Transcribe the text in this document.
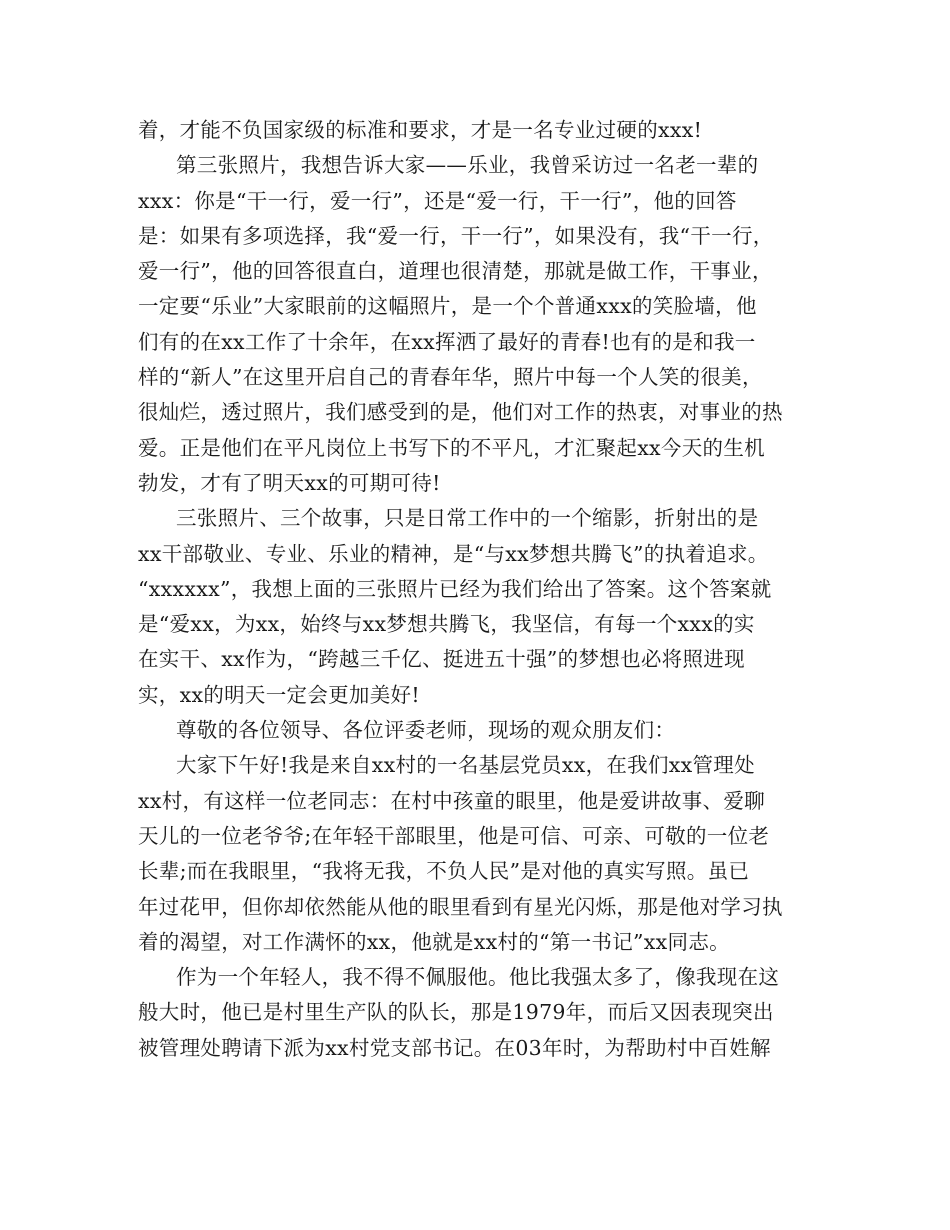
着，才能不负国家级的标准和要求，才是一名专业过硬的xxx!
第三张照片，我想告诉大家——乐业，我曾采访过一名老一辈的
xxx：你是“干一行，爱一行”，还是“爱一行，干一行”，他的回答
是：如果有多项选择，我“爱一行，干一行”，如果没有，我“干一行，
爱一行”，他的回答很直白，道理也很清楚，那就是做工作，干事业，
一定要“乐业”大家眼前的这幅照片，是一个个普通xxx的笑脸墙，他
们有的在xx工作了十余年，在xx挥洒了最好的青春!也有的是和我一
样的“新人”在这里开启自己的青春年华，照片中每一个人笑的很美，
很灿烂，透过照片，我们感受到的是，他们对工作的热衷，对事业的热
爱。正是他们在平凡岗位上书写下的不平凡，才汇聚起xx今天的生机
勃发，才有了明天xx的可期可待!
三张照片、三个故事，只是日常工作中的一个缩影，折射出的是
xx干部敬业、专业、乐业的精神，是“与xx梦想共腾飞”的执着追求。
“xxxxxx”，我想上面的三张照片已经为我们给出了答案。这个答案就
是“爱xx，为xx，始终与xx梦想共腾飞，我坚信，有每一个xxx的实
在实干、xx作为，“跨越三千亿、挺进五十强”的梦想也必将照进现
实，xx的明天一定会更加美好!
尊敬的各位领导、各位评委老师，现场的观众朋友们：
大家下午好!我是来自xx村的一名基层党员xx，在我们xx管理处
xx村，有这样一位老同志：在村中孩童的眼里，他是爱讲故事、爱聊
天儿的一位老爷爷;在年轻干部眼里，他是可信、可亲、可敬的一位老
长辈;而在我眼里，“我将无我，不负人民”是对他的真实写照。虽已
年过花甲，但你却依然能从他的眼里看到有星光闪烁，那是他对学习执
着的渴望，对工作满怀的xx，他就是xx村的“第一书记”xx同志。
作为一个年轻人，我不得不佩服他。他比我强太多了，像我现在这
般大时，他已是村里生产队的队长，那是1979年，而后又因表现突出
被管理处聘请下派为xx村党支部书记。在03年时，为帮助村中百姓解
